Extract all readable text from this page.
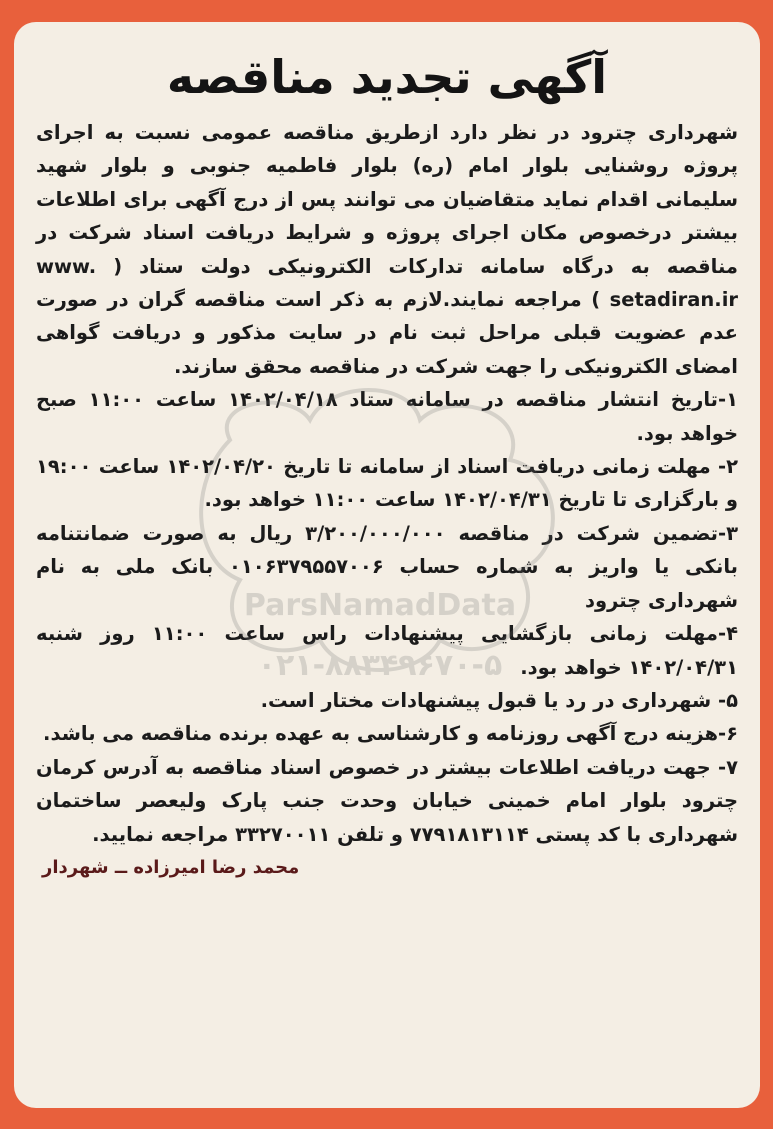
آگهی تجدید مناقصه

شهرداری چترود در نظر دارد ازطریق مناقصه عمومی نسبت به اجرای پروژه روشنایی بلوار امام (ره) بلوار فاطمیه جنوبی و بلوار شهید سلیمانی اقدام نماید متقاضیان می توانند پس از درج آگهی برای اطلاعات بیشتر درخصوص مکان اجرای پروژه و شرایط دریافت اسناد شرکت در مناقصه به درگاه سامانه تدارکات الکترونیکی دولت ستاد ( www. setadiran.ir ) مراجعه نمایند.لازم به ذکر است مناقصه گران در صورت عدم عضویت قبلی مراحل ثبت نام در سایت مذکور و دریافت گواهی امضای الکترونیکی را جهت شرکت در مناقصه محقق سازند.

۱-تاریخ انتشار مناقصه در سامانه ستاد ۱۴۰۲/۰۴/۱۸ ساعت ۱۱:۰۰ صبح خواهد بود.

۲- مهلت زمانی دریافت اسناد از سامانه تا تاریخ ۱۴۰۲/۰۴/۲۰ ساعت ۱۹:۰۰ و بارگزاری تا تاریخ ۱۴۰۲/۰۴/۳۱ ساعت ۱۱:۰۰ خواهد بود.

۳-تضمین شرکت در مناقصه ۳/۲۰۰/۰۰۰/۰۰۰ ریال به صورت ضمانتنامه بانکی یا واریز به شماره حساب ۰۱۰۶۳۷۹۵۵۷۰۰۶ بانک ملی به نام شهرداری چترود

۴-مهلت زمانی بازگشایی پیشنهادات راس ساعت ۱۱:۰۰ روز شنبه ۱۴۰۲/۰۴/۳۱ خواهد بود.

۵- شهرداری در رد یا قبول پیشنهادات مختار است.

۶-هزینه درج آگهی روزنامه و کارشناسی به عهده برنده مناقصه می باشد.

۷- جهت دریافت اطلاعات بیشتر در خصوص اسناد مناقصه به آدرس کرمان چترود بلوار امام خمینی خیابان وحدت جنب پارک ولیعصر ساختمان شهرداری با کد پستی ۷۷۹۱۸۱۳۱۱۴ و تلفن ۳۳۲۷۰۰۱۱ مراجعه نمایید.

محمد رضا امیرزاده ــ شهردار
ParsNamadData
۰۲۱-۸۸۳۴۹۶۷۰-۵
